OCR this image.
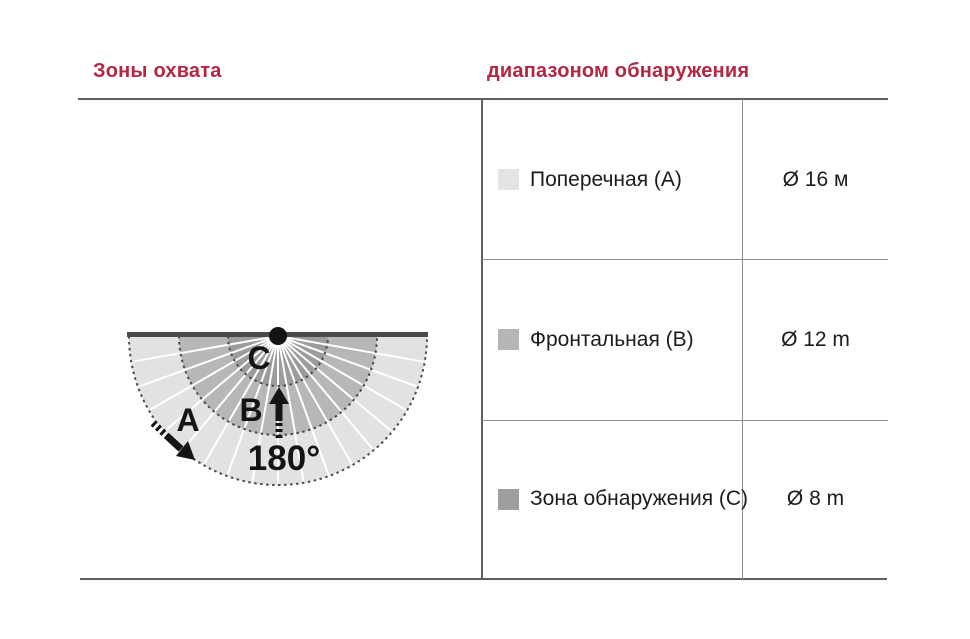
Зоны охвата	диапазоном обнаружения
Поперечная (A)
Фронтальная (B)
Зона обнаружения (C)
Ø 16 м
Ø 12 m
Ø 8 m
A B
C
180°
